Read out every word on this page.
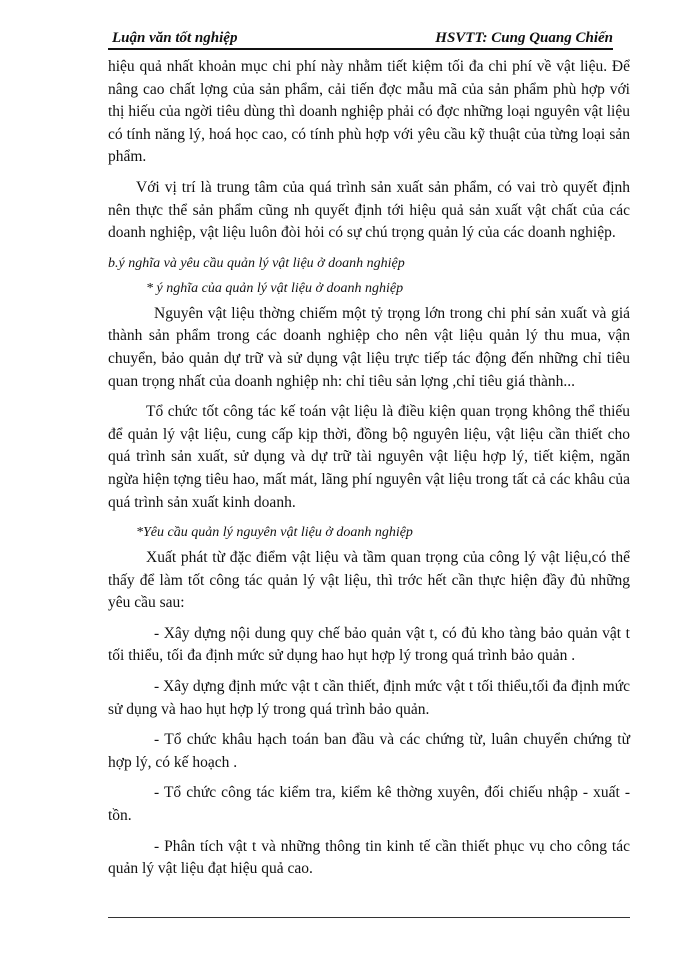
Luận văn tốt nghiệp	HSVTT: Cung Quang Chiến

hiệu quả nhất khoản mục chi phí này nhằm tiết kiệm tối đa chi phí về vật liệu. Để nâng cao chất lợng của sản phẩm, cải tiến đợc mẫu mã của sản phẩm phù hợp với thị hiếu của ngời tiêu dùng thì doanh nghiệp phải có đợc những loại nguyên vật liệu có tính năng lý, hoá học cao, có tính phù hợp với yêu cầu kỹ thuật của từng loại sản phẩm.

Với vị trí là trung tâm của quá trình sản xuất sản phẩm, có vai trò quyết định nên thực thể sản phẩm cũng nh quyết định tới hiệu quả sản xuất vật chất của các doanh nghiệp, vật liệu luôn đòi hỏi có sự chú trọng quản lý của các doanh nghiệp.

b.ý nghĩa và yêu cầu quản lý vật liệu ở doanh nghiệp

* ý nghĩa của quản lý vật liệu ở doanh nghiệp

Nguyên vật liệu thờng chiếm một tỷ trọng lớn trong chi phí sản xuất và giá thành sản phẩm trong các doanh nghiệp cho nên vật liệu quản lý thu mua, vận chuyển, bảo quản dự trữ và sử dụng vật liệu trực tiếp tác động đến những chỉ tiêu quan trọng nhất của doanh nghiệp nh: chỉ tiêu sản lợng ,chỉ tiêu giá thành...

Tổ chức tốt công tác kế toán vật liệu là điều kiện quan trọng không thể thiếu để quản lý vật liệu, cung cấp kịp thời, đồng bộ nguyên liệu, vật liệu cần thiết cho quá trình sản xuất, sử dụng và dự trữ tài nguyên vật liệu hợp lý, tiết kiệm, ngăn ngừa hiện tợng tiêu hao, mất mát, lãng phí nguyên vật liệu trong tất cả các khâu của quá trình sản xuất kinh doanh.

*Yêu cầu quản lý nguyên vật liệu ở doanh nghiệp

Xuất phát từ đặc điểm vật liệu và tầm quan trọng của công lý vật liệu,có thể thấy để làm tốt công tác quản lý vật liệu, thì trớc hết cần thực hiện đầy đủ những yêu cầu sau:

- Xây dựng nội dung quy chế bảo quản vật t, có đủ kho tàng bảo quản vật t tối thiểu, tối đa định mức sử dụng hao hụt hợp lý trong quá trình bảo quản .

- Xây dựng định mức vật t cần thiết, định mức vật t tối thiểu,tối đa định mức sử dụng và hao hụt hợp lý trong quá trình bảo quản.

- Tổ chức khâu hạch toán ban đầu và các chứng từ, luân chuyển chứng từ hợp lý, có kế hoạch .

- Tổ chức công tác kiểm tra, kiểm kê thờng xuyên, đối chiếu nhập - xuất - tồn.

- Phân tích vật t và những thông tin kinh tế cần thiết phục vụ cho công tác quản lý vật liệu đạt hiệu quả cao.
